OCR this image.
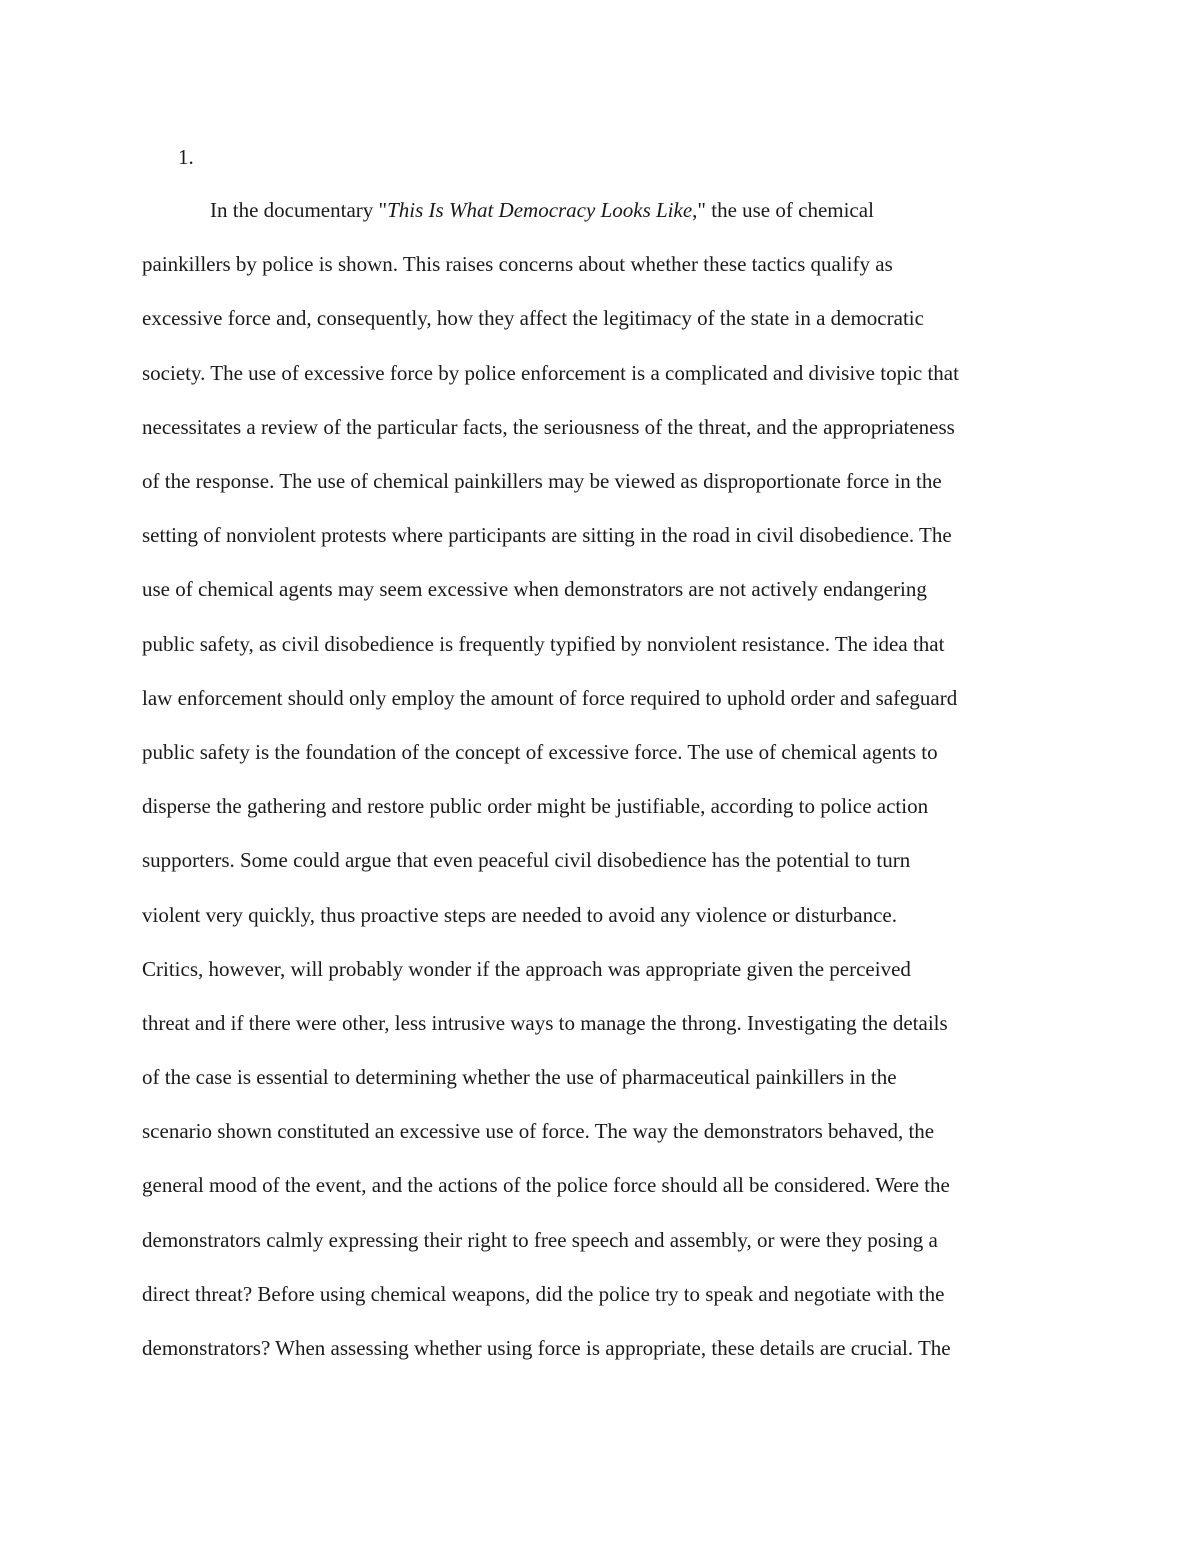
1.

In the documentary "This Is What Democracy Looks Like," the use of chemical

painkillers by police is shown. This raises concerns about whether these tactics qualify as

excessive force and, consequently, how they affect the legitimacy of the state in a democratic

society. The use of excessive force by police enforcement is a complicated and divisive topic that

necessitates a review of the particular facts, the seriousness of the threat, and the appropriateness

of the response. The use of chemical painkillers may be viewed as disproportionate force in the

setting of nonviolent protests where participants are sitting in the road in civil disobedience. The

use of chemical agents may seem excessive when demonstrators are not actively endangering

public safety, as civil disobedience is frequently typified by nonviolent resistance. The idea that

law enforcement should only employ the amount of force required to uphold order and safeguard

public safety is the foundation of the concept of excessive force. The use of chemical agents to

disperse the gathering and restore public order might be justifiable, according to police action

supporters. Some could argue that even peaceful civil disobedience has the potential to turn

violent very quickly, thus proactive steps are needed to avoid any violence or disturbance.

Critics, however, will probably wonder if the approach was appropriate given the perceived

threat and if there were other, less intrusive ways to manage the throng. Investigating the details

of the case is essential to determining whether the use of pharmaceutical painkillers in the

scenario shown constituted an excessive use of force. The way the demonstrators behaved, the

general mood of the event, and the actions of the police force should all be considered. Were the

demonstrators calmly expressing their right to free speech and assembly, or were they posing a

direct threat? Before using chemical weapons, did the police try to speak and negotiate with the

demonstrators? When assessing whether using force is appropriate, these details are crucial. The
